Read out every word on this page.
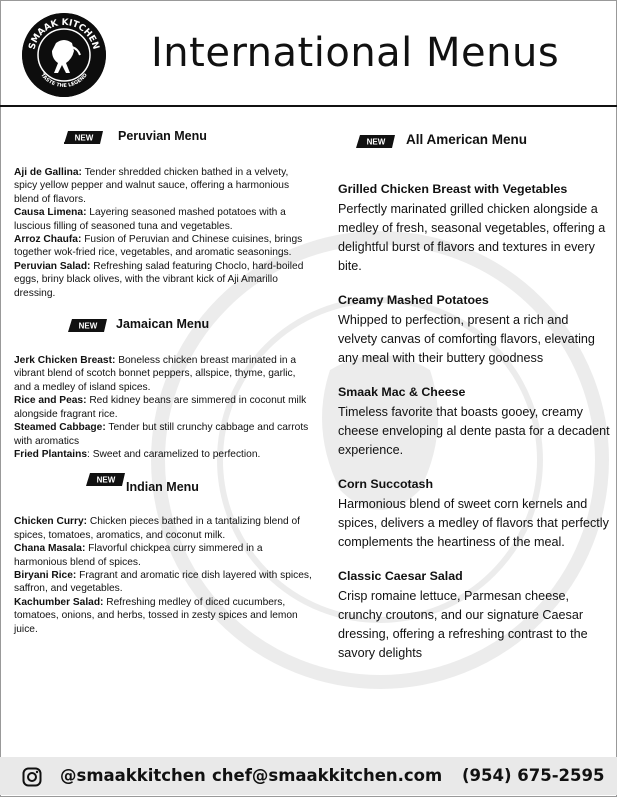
SMAAK KITCHEN
TASTE THE LEGEND International Menus
NEW Peruvian Menu

Aji de Gallina: Tender shredded chicken bathed in a velvety, spicy yellow pepper and walnut sauce, offering a harmonious blend of flavors.

Causa Limena: Layering seasoned mashed potatoes with a luscious filling of seasoned tuna and vegetables.

Arroz Chaufa: Fusion of Peruvian and Chinese cuisines, brings together wok-fried rice, vegetables, and aromatic seasonings.

Peruvian Salad: Refreshing salad featuring Choclo, hard-boiled eggs, briny black olives, with the vibrant kick of Aji Amarillo dressing.

NEW Jamaican Menu

Jerk Chicken Breast: Boneless chicken breast marinated in a vibrant blend of scotch bonnet peppers, allspice, thyme, garlic, and a medley of island spices.

Rice and Peas: Red kidney beans are simmered in coconut milk alongside fragrant rice.

Steamed Cabbage: Tender but still crunchy cabbage and carrots with aromatics

Fried Plantains: Sweet and caramelized to perfection.

NEW Indian Menu

Chicken Curry: Chicken pieces bathed in a tantalizing blend of spices, tomatoes, aromatics, and coconut milk.

Chana Masala: Flavorful chickpea curry simmered in a harmonious blend of spices.

Biryani Rice: Fragrant and aromatic rice dish layered with spices, saffron, and vegetables.

Kachumber Salad: Refreshing medley of diced cucumbers, tomatoes, onions, and herbs, tossed in zesty spices and lemon juice.

NEW All American Menu

Grilled Chicken Breast with Vegetables

Perfectly marinated grilled chicken alongside a medley of fresh, seasonal vegetables, offering a delightful burst of flavors and textures in every bite.

Creamy Mashed Potatoes

Whipped to perfection, present a rich and velvety canvas of comforting flavors, elevating any meal with their buttery goodness

Smaak Mac & Cheese

Timeless favorite that boasts gooey, creamy cheese enveloping al dente pasta for a decadent experience.

Corn Succotash

Harmonious blend of sweet corn kernels and spices, delivers a medley of flavors that perfectly complements the heartiness of the meal.

Classic Caesar Salad

Crisp romaine lettuce, Parmesan cheese, crunchy croutons, and our signature Caesar dressing, offering a refreshing contrast to the savory delights

@smaakkitchen chef@smaakkitchen.com (954) 675-2595
